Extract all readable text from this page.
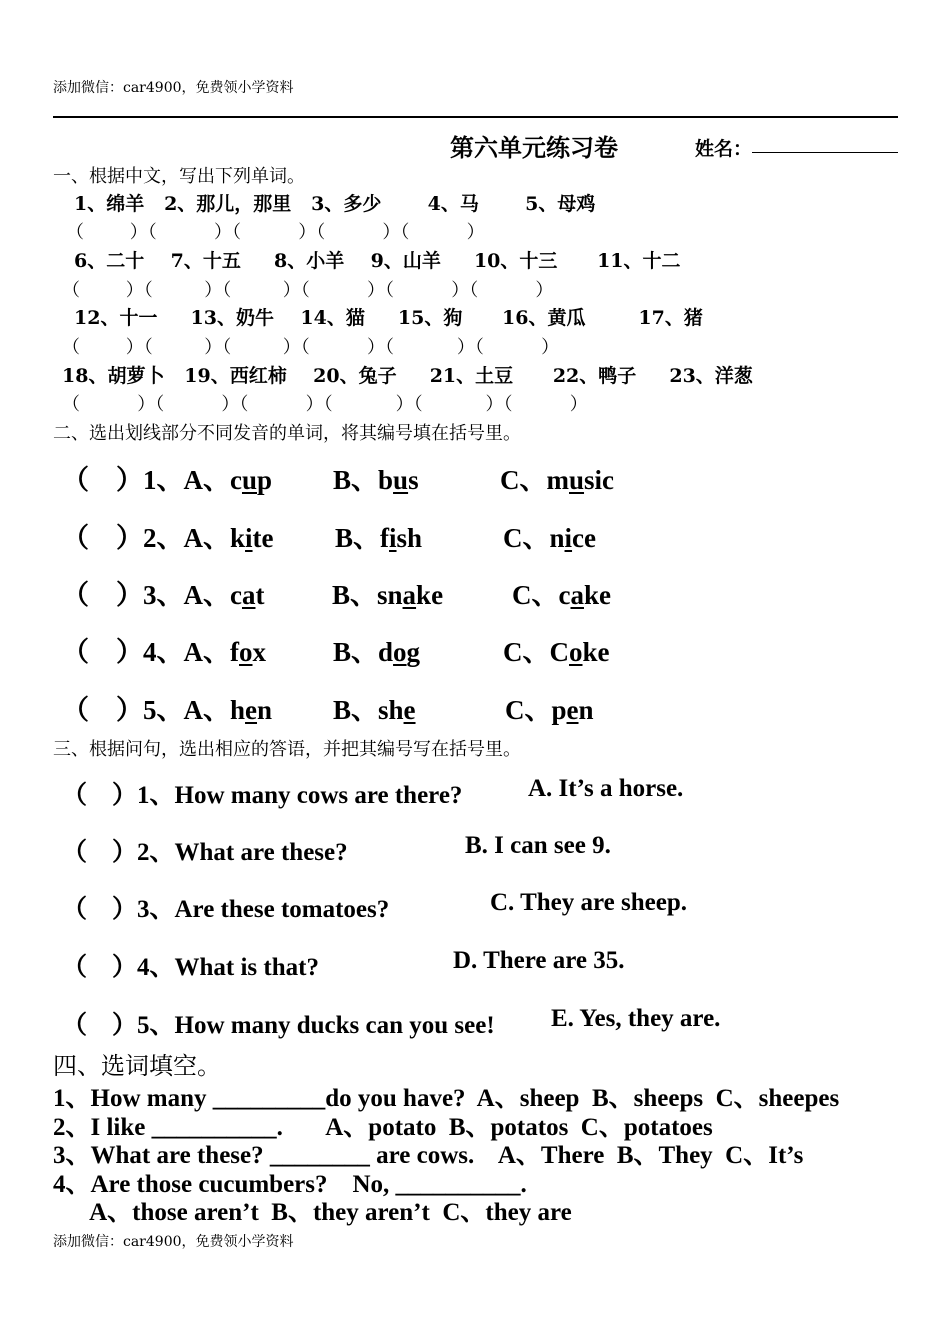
添加微信：car4900，免费领小学资料
第六单元练习卷	姓名：
一、根据中文，写出下列单词。
1、绵羊   2、那儿，那里   3、多少       4、马       5、母鸡
（        ）（          ）（          ）（          ）（          ）
6、二十    7、十五     8、小羊    9、山羊     10、十三      11、十二
（        ）（         ）（         ）（          ）（          ）（          ）
12、十一     13、奶牛    14、猫     15、狗      16、黄瓜        17、猪
（        ）（         ）（         ）（          ）（           ）（          ）
18、胡萝卜   19、西红柿    20、兔子     21、土豆      22、鸭子     23、洋葱
（          ）（          ）（          ）（           ）（           ）（          ）
二、选出划线部分不同发音的单词，将其编号填在括号里。
（    ）1、A、cup B、bus	C、music
（    ）2、A、kite B、fish	C、nice
（    ）3、A、cat	B、snake	C、cake
（    ）4、A、fox B、dog	C、Coke
（    ）5、A、hen B、she	C、pen
三、根据问句，选出相应的答语，并把其编号写在括号里。
（    ）1、How many cows are there?	A. It’s a horse.
（    ）2、What are these?	B. I can see 9.
（    ）3、Are these tomatoes?	C. They are sheep.
（    ）4、What is that?	D. There are 35.
（    ）5、How many ducks can you see! E. Yes, they are.
四、选词填空。
1、How many _________do you have?  A、sheep  B、sheeps  C、sheepes
2、I like __________.       A、potato  B、potatos  C、potatoes
3、What are these? ________ are cows.    A、There  B、They  C、It’s
4、Are those cucumbers?    No, __________.
A、those aren’t  B、they aren’t  C、they are
添加微信：car4900，免费领小学资料
